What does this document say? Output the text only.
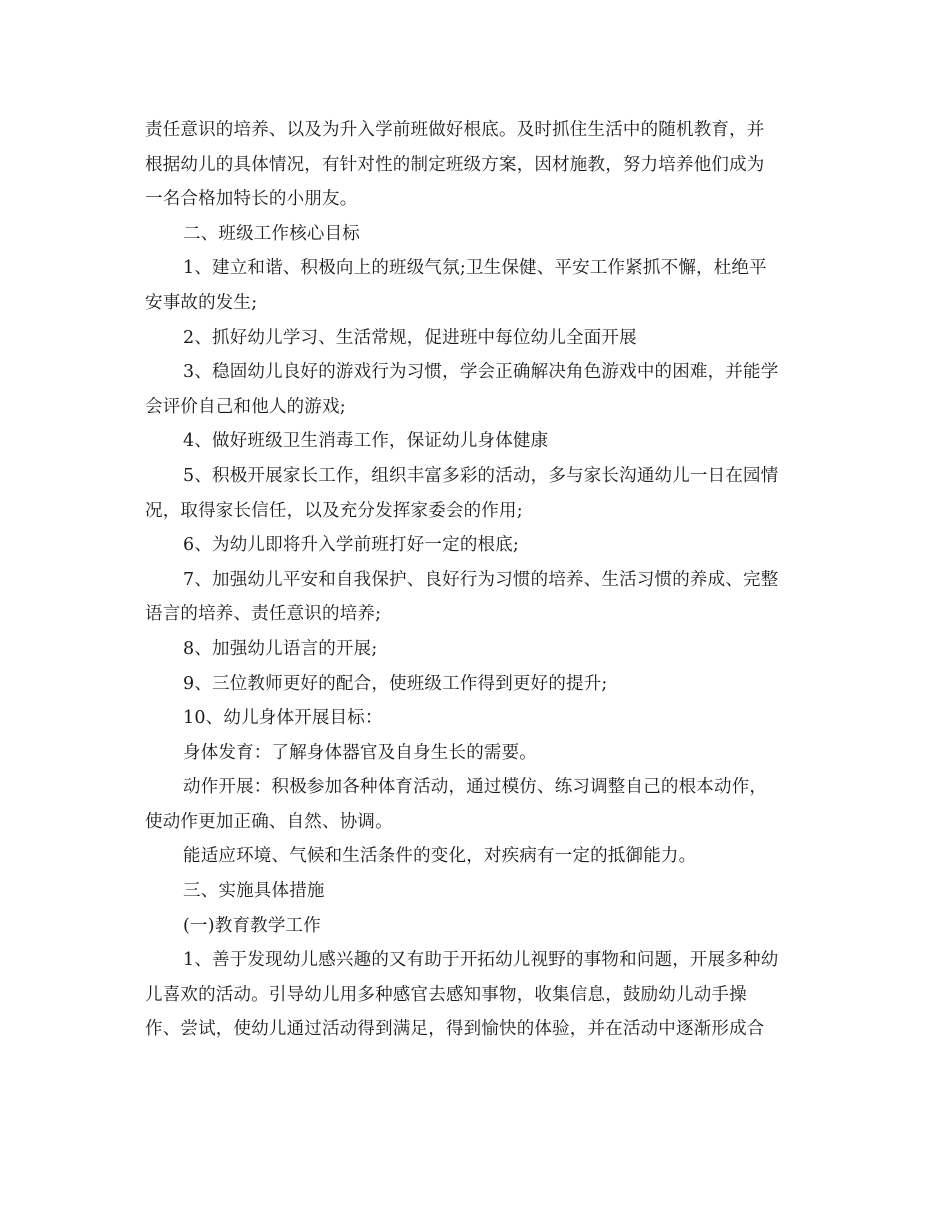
责任意识的培养、以及为升入学前班做好根底。及时抓住生活中的随机教育，并
根据幼儿的具体情况，有针对性的制定班级方案，因材施教，努力培养他们成为
一名合格加特长的小朋友。
二、班级工作核心目标
1、建立和谐、积极向上的班级气氛;卫生保健、平安工作紧抓不懈，杜绝平
安事故的发生;
2、抓好幼儿学习、生活常规，促进班中每位幼儿全面开展
3、稳固幼儿良好的游戏行为习惯，学会正确解决角色游戏中的困难，并能学
会评价自己和他人的游戏;
4、做好班级卫生消毒工作，保证幼儿身体健康
5、积极开展家长工作，组织丰富多彩的活动，多与家长沟通幼儿一日在园情
况，取得家长信任，以及充分发挥家委会的作用;
6、为幼儿即将升入学前班打好一定的根底;
7、加强幼儿平安和自我保护、良好行为习惯的培养、生活习惯的养成、完整
语言的培养、责任意识的培养;
8、加强幼儿语言的开展;
9、三位教师更好的配合，使班级工作得到更好的提升;
10、幼儿身体开展目标：
身体发育：了解身体器官及自身生长的需要。
动作开展：积极参加各种体育活动，通过模仿、练习调整自己的根本动作，
使动作更加正确、自然、协调。
能适应环境、气候和生活条件的变化，对疾病有一定的抵御能力。
三、实施具体措施
(一)教育教学工作
1、善于发现幼儿感兴趣的又有助于开拓幼儿视野的事物和问题，开展多种幼
儿喜欢的活动。引导幼儿用多种感官去感知事物，收集信息，鼓励幼儿动手操
作、尝试，使幼儿通过活动得到满足，得到愉快的体验，并在活动中逐渐形成合
